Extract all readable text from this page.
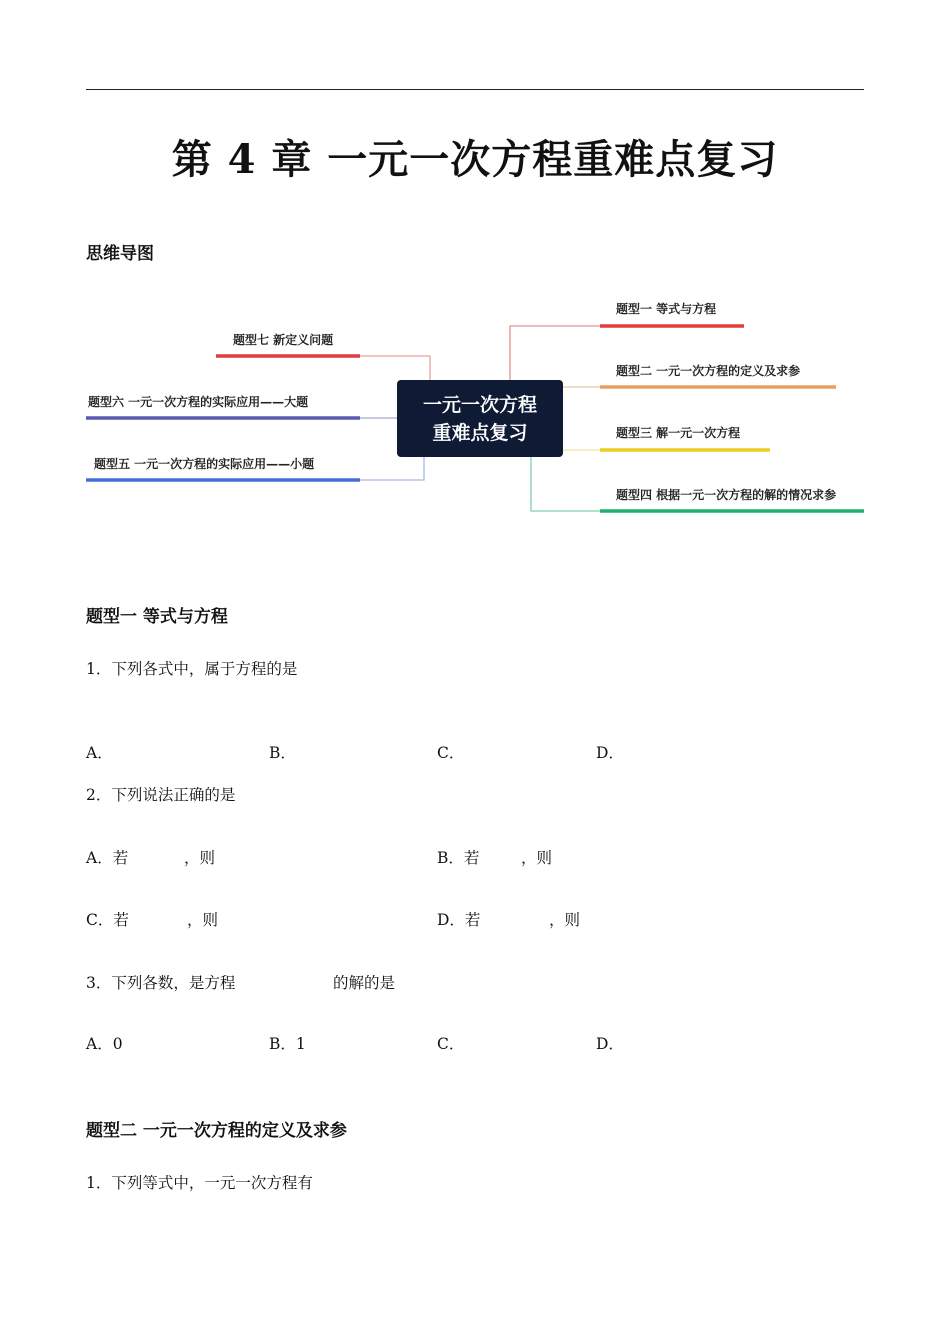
第 4 章 一元一次方程重难点复习
思维导图
一元一次方程
重难点复习
题型一 等式与方程
题型二 一元一次方程的定义及求参
题型三 解一元一次方程
题型四 根据一元一次方程的解的情况求参
题型七 新定义问题
题型六 一元一次方程的实际应用——大题
题型五 一元一次方程的实际应用——小题
题型一 等式与方程
1．下列各式中，属于方程的是
A．	B．	C．	D．
2．下列说法正确的是
A．若	，则	B．若	，则
C．若	，则	D．若	，则
3．下列各数，是方程	的解的是
A．0	B．1	C．	D．
题型二 一元一次方程的定义及求参
1．下列等式中，一元一次方程有
